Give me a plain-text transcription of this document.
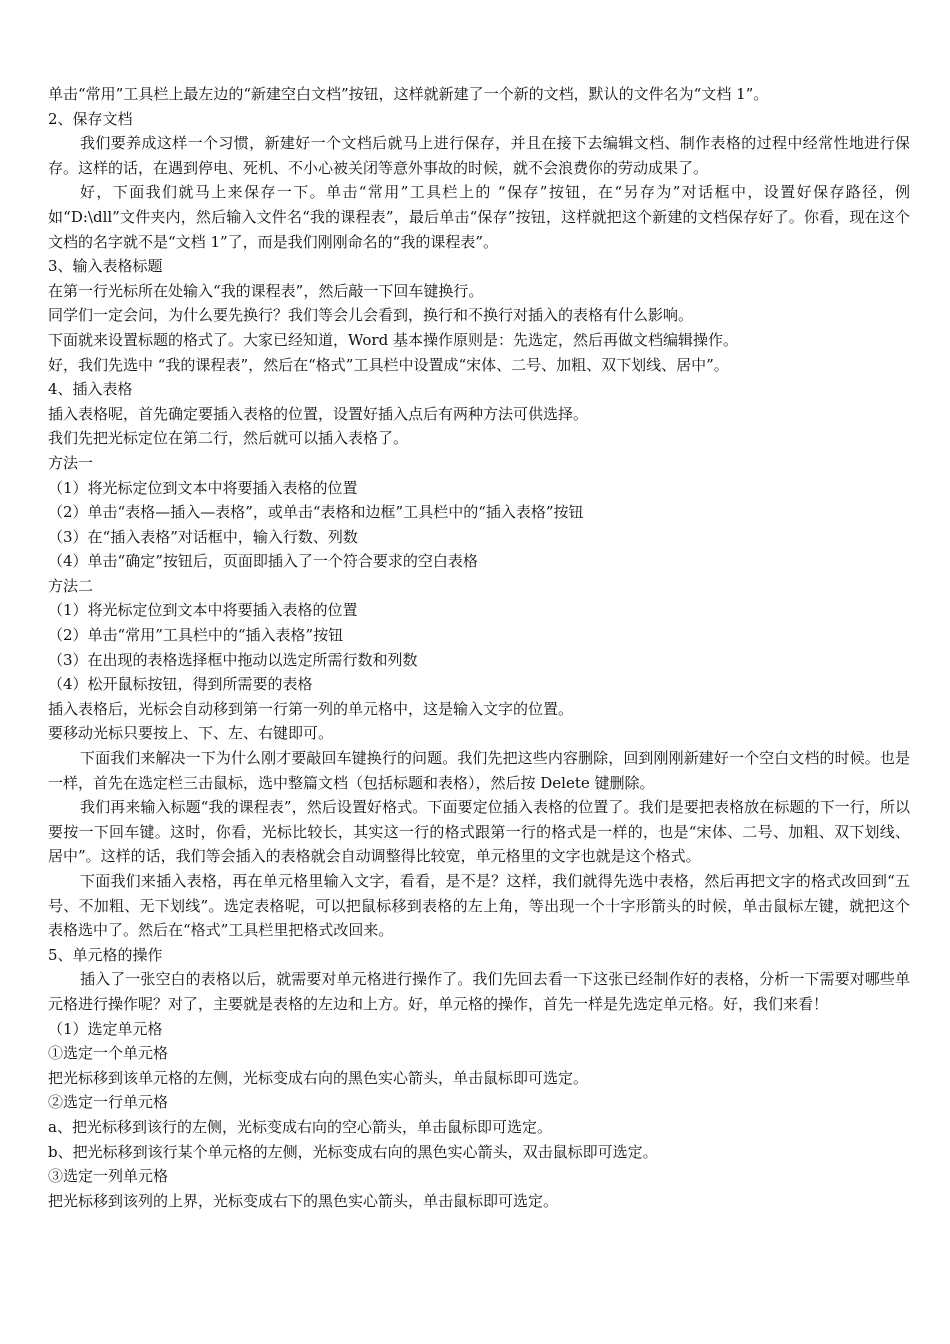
单击“常用”工具栏上最左边的“新建空白文档”按钮，这样就新建了一个新的文档，默认的文件名为“文档 1”。

2、保存文档

我们要养成这样一个习惯，新建好一个文档后就马上进行保存，并且在接下去编辑文档、制作表格的过程中经常性地进行保存。这样的话，在遇到停电、死机、不小心被关闭等意外事故的时候，就不会浪费你的劳动成果了。

好，下面我们就马上来保存一下。单击“常用”工具栏上的 “保存”按钮，在“另存为”对话框中，设置好保存路径，例如“D:\dll”文件夹内，然后输入文件名“我的课程表”，最后单击“保存”按钮，这样就把这个新建的文档保存好了。你看，现在这个文档的名字就不是“文档 1”了，而是我们刚刚命名的“我的课程表”。

3、输入表格标题

在第一行光标所在处输入“我的课程表”，然后敲一下回车键换行。

同学们一定会问，为什么要先换行？我们等会儿会看到，换行和不换行对插入的表格有什么影响。

下面就来设置标题的格式了。大家已经知道，Word 基本操作原则是：先选定，然后再做文档编辑操作。

好，我们先选中 “我的课程表”，然后在“格式”工具栏中设置成“宋体、二号、加粗、双下划线、居中”。

4、插入表格

插入表格呢，首先确定要插入表格的位置，设置好插入点后有两种方法可供选择。

我们先把光标定位在第二行，然后就可以插入表格了。

方法一

（1）将光标定位到文本中将要插入表格的位置

（2）单击“表格—插入—表格”，或单击“表格和边框”工具栏中的“插入表格”按钮

（3）在“插入表格”对话框中，输入行数、列数

（4）单击“确定”按钮后，页面即插入了一个符合要求的空白表格

方法二

（1）将光标定位到文本中将要插入表格的位置

（2）单击“常用”工具栏中的“插入表格”按钮

（3）在出现的表格选择框中拖动以选定所需行数和列数

（4）松开鼠标按钮，得到所需要的表格

插入表格后，光标会自动移到第一行第一列的单元格中，这是输入文字的位置。

要移动光标只要按上、下、左、右键即可。

下面我们来解决一下为什么刚才要敲回车键换行的问题。我们先把这些内容删除，回到刚刚新建好一个空白文档的时候。也是一样，首先在选定栏三击鼠标，选中整篇文档（包括标题和表格），然后按 Delete 键删除。

我们再来输入标题“我的课程表”，然后设置好格式。下面要定位插入表格的位置了。我们是要把表格放在标题的下一行，所以要按一下回车键。这时，你看，光标比较长，其实这一行的格式跟第一行的格式是一样的，也是“宋体、二号、加粗、双下划线、居中”。这样的话，我们等会插入的表格就会自动调整得比较宽，单元格里的文字也就是这个格式。

下面我们来插入表格，再在单元格里输入文字，看看，是不是？这样，我们就得先选中表格，然后再把文字的格式改回到“五号、不加粗、无下划线”。选定表格呢，可以把鼠标移到表格的左上角，等出现一个十字形箭头的时候，单击鼠标左键，就把这个表格选中了。然后在“格式”工具栏里把格式改回来。

5、单元格的操作

插入了一张空白的表格以后，就需要对单元格进行操作了。我们先回去看一下这张已经制作好的表格，分析一下需要对哪些单元格进行操作呢？对了，主要就是表格的左边和上方。好，单元格的操作，首先一样是先选定单元格。好，我们来看！

（1）选定单元格

①选定一个单元格

把光标移到该单元格的左侧，光标变成右向的黑色实心箭头，单击鼠标即可选定。

②选定一行单元格

a、把光标移到该行的左侧，光标变成右向的空心箭头，单击鼠标即可选定。

b、把光标移到该行某个单元格的左侧，光标变成右向的黑色实心箭头，双击鼠标即可选定。

③选定一列单元格

把光标移到该列的上界，光标变成右下的黑色实心箭头，单击鼠标即可选定。
